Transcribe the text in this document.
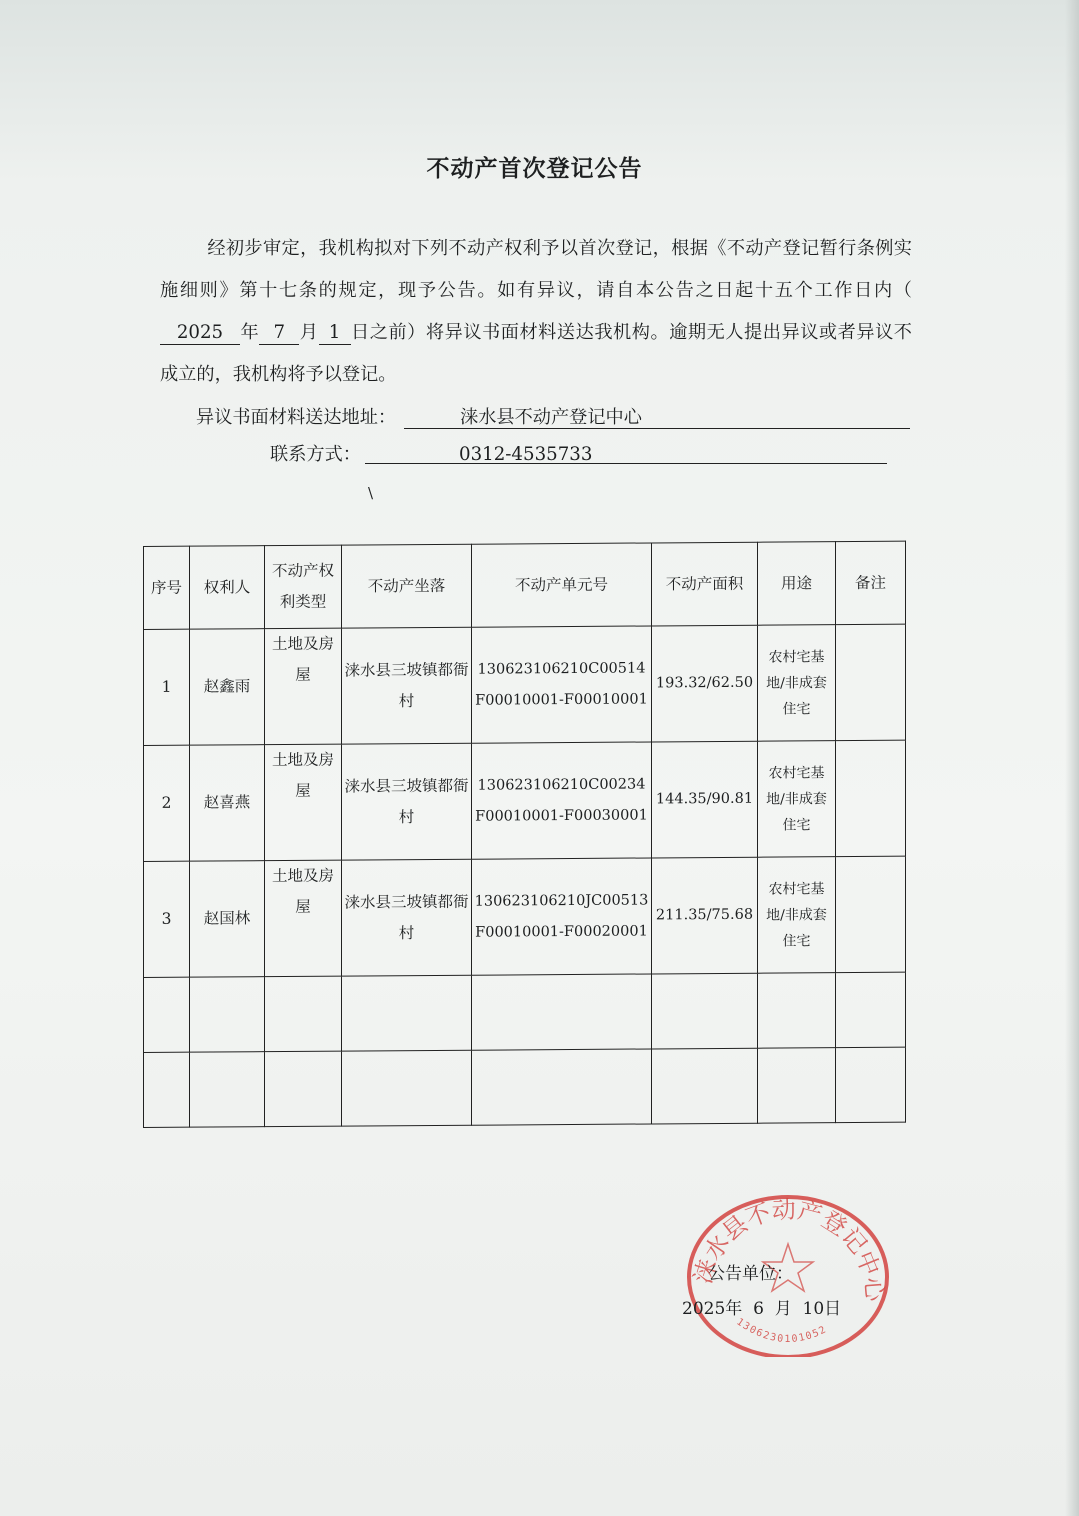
不动产首次登记公告
经初步审定，我机构拟对下列不动产权利予以首次登记，根据《不动产登记暂行条例实施细则》第十七条的规定，现予公告。如有异议，请自本公告之日起十五个工作日内（2025 年 7 月 1 日之前）将异议书面材料送达我机构。逾期无人提出异议或者异议不成立的，我机构将予以登记。
异议书面材料送达地址：	涞水县不动产登记中心
联系方式：	0312-4535733
\
序号	权利人	不动产权利类型	不动产坐落	不动产单元号	不动产面积	用途	备注
1	赵鑫雨	土地及房屋	涞水县三坡镇都衙村	130623106210C00514F00010001-F00010001	193.32/62.50	农村宅基地/非成套住宅	
2	赵喜燕	土地及房屋	涞水县三坡镇都衙村	130623106210C00234F00010001-F00030001	144.35/90.81	农村宅基地/非成套住宅	
3	赵国林	土地及房屋	涞水县三坡镇都衙村	130623106210JC00513F00010001-F00020001	211.35/75.68	农村宅基地/非成套住宅	

涞水县不动产登记中心
1306230101052
公告单位：
2025年 6 月 10日
